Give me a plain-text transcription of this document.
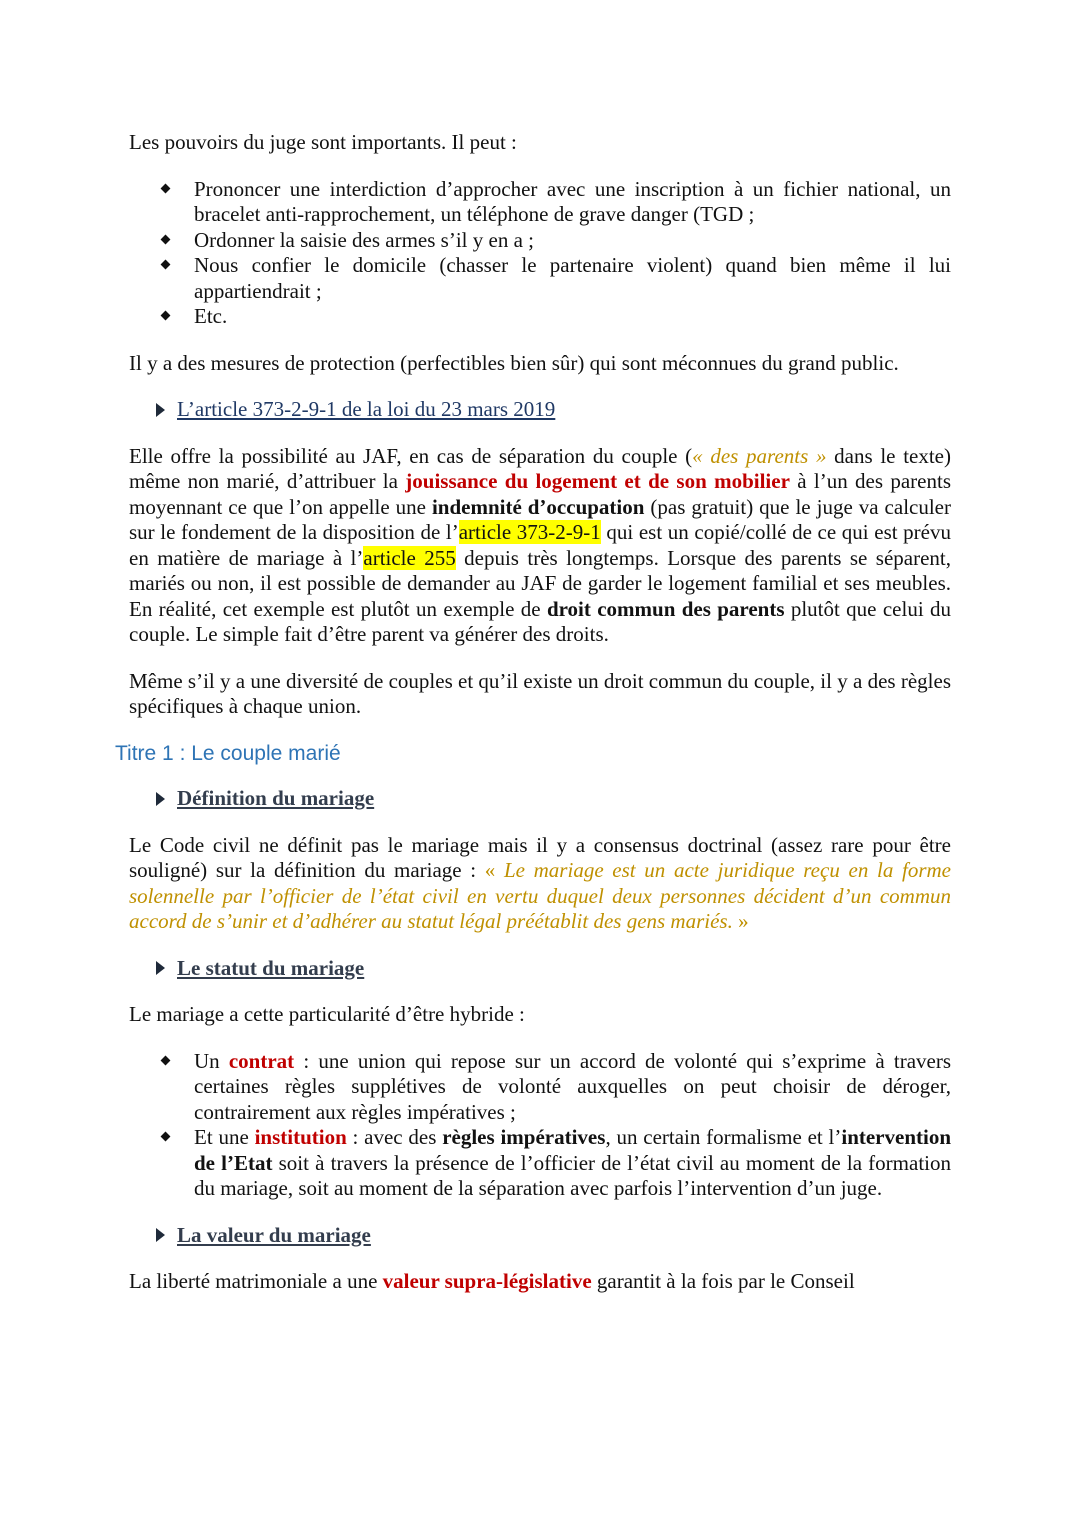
Les pouvoirs du juge sont importants. Il peut :

Prononcer une interdiction d’approcher avec une inscription à un fichier national, un bracelet anti-rapprochement, un téléphone de grave danger (TGD ;
Ordonner la saisie des armes s’il y en a ;
Nous confier le domicile (chasser le partenaire violent) quand bien même il lui appartiendrait ;
Etc.

Il y a des mesures de protection (perfectibles bien sûr) qui sont méconnues du grand public.

L’article 373-2-9-1 de la loi du 23 mars 2019

Elle offre la possibilité au JAF, en cas de séparation du couple (« des parents » dans le texte) même non marié, d’attribuer la jouissance du logement et de son mobilier à l’un des parents moyennant ce que l’on appelle une indemnité d’occupation (pas gratuit) que le juge va calculer sur le fondement de la disposition de l’article 373-2-9-1 qui est un copié/collé de ce qui est prévu en matière de mariage à l’article 255 depuis très longtemps. Lorsque des parents se séparent, mariés ou non, il est possible de demander au JAF de garder le logement familial et ses meubles. En réalité, cet exemple est plutôt un exemple de droit commun des parents plutôt que celui du couple. Le simple fait d’être parent va générer des droits.

Même s’il y a une diversité de couples et qu’il existe un droit commun du couple, il y a des règles spécifiques à chaque union.

Titre 1 : Le couple marié
Définition du mariage

Le Code civil ne définit pas le mariage mais il y a consensus doctrinal (assez rare pour être souligné) sur la définition du mariage : « Le mariage est un acte juridique reçu en la forme solennelle par l’officier de l’état civil en vertu duquel deux personnes décident d’un commun accord de s’unir et d’adhérer au statut légal préétablit des gens mariés. »

Le statut du mariage

Le mariage a cette particularité d’être hybride :

Un contrat : une union qui repose sur un accord de volonté qui s’exprime à travers certaines règles supplétives de volonté auxquelles on peut choisir de déroger, contrairement aux règles impératives ;
Et une institution : avec des règles impératives, un certain formalisme et l’intervention de l’Etat soit à travers la présence de l’officier de l’état civil au moment de la formation du mariage, soit au moment de la séparation avec parfois l’intervention d’un juge.
La valeur du mariage

La liberté matrimoniale a une valeur supra-législative garantit à la fois par le Conseil
